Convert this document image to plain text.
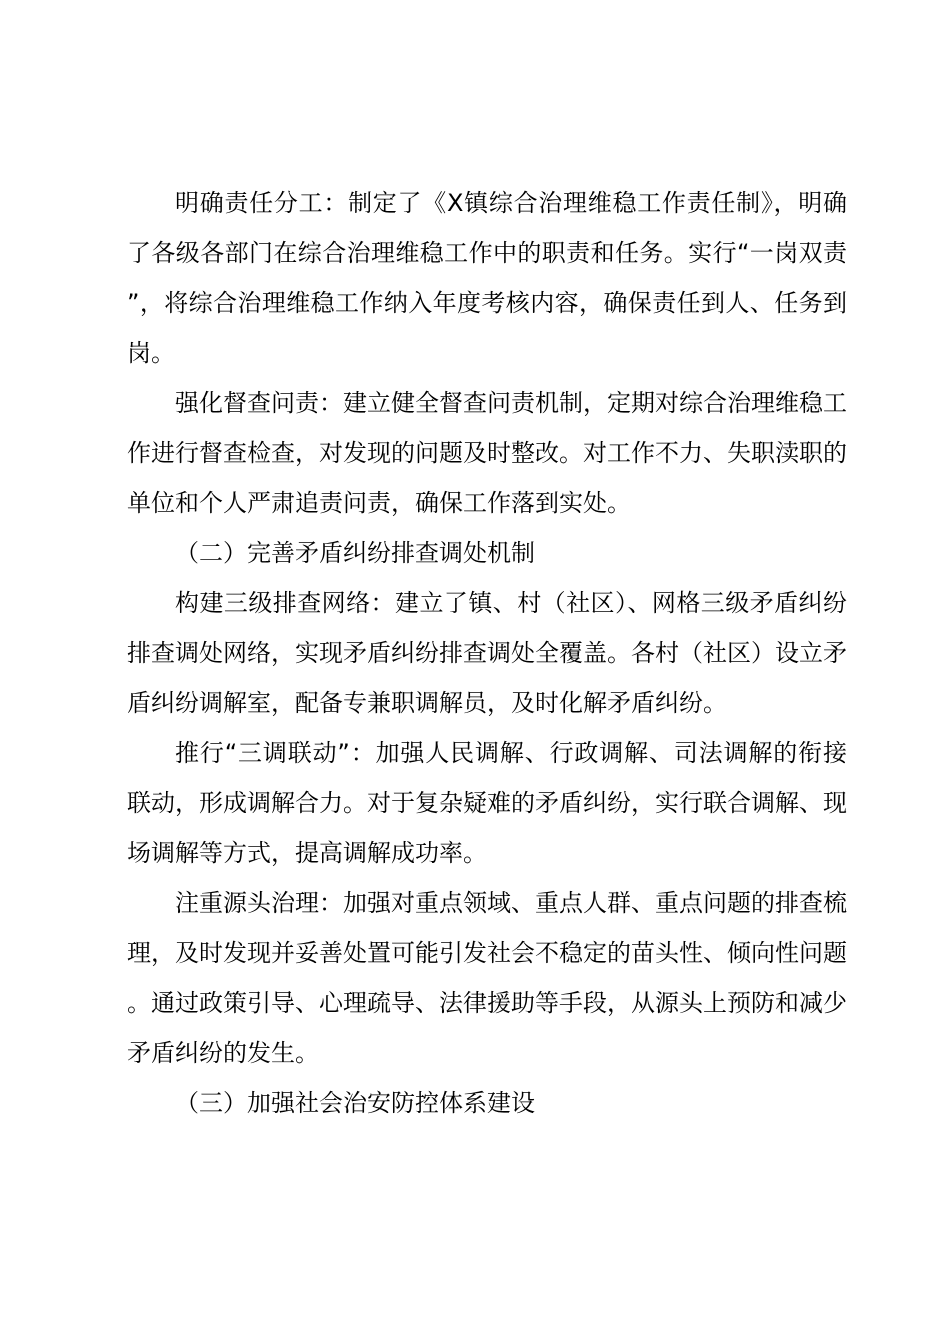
明确责任分工：制定了《X镇综合治理维稳工作责任制》，明确了各级各部门在综合治理维稳工作中的职责和任务。实行“一岗双责”，将综合治理维稳工作纳入年度考核内容，确保责任到人、任务到岗。

强化督查问责：建立健全督查问责机制，定期对综合治理维稳工作进行督查检查，对发现的问题及时整改。对工作不力、失职渎职的单位和个人严肃追责问责，确保工作落到实处。

（二）完善矛盾纠纷排查调处机制

构建三级排查网络：建立了镇、村（社区）、网格三级矛盾纠纷排查调处网络，实现矛盾纠纷排查调处全覆盖。各村（社区）设立矛盾纠纷调解室，配备专兼职调解员，及时化解矛盾纠纷。

推行“三调联动”：加强人民调解、行政调解、司法调解的衔接联动，形成调解合力。对于复杂疑难的矛盾纠纷，实行联合调解、现场调解等方式，提高调解成功率。

注重源头治理：加强对重点领域、重点人群、重点问题的排查梳理，及时发现并妥善处置可能引发社会不稳定的苗头性、倾向性问题。通过政策引导、心理疏导、法律援助等手段，从源头上预防和减少矛盾纠纷的发生。

（三）加强社会治安防控体系建设
